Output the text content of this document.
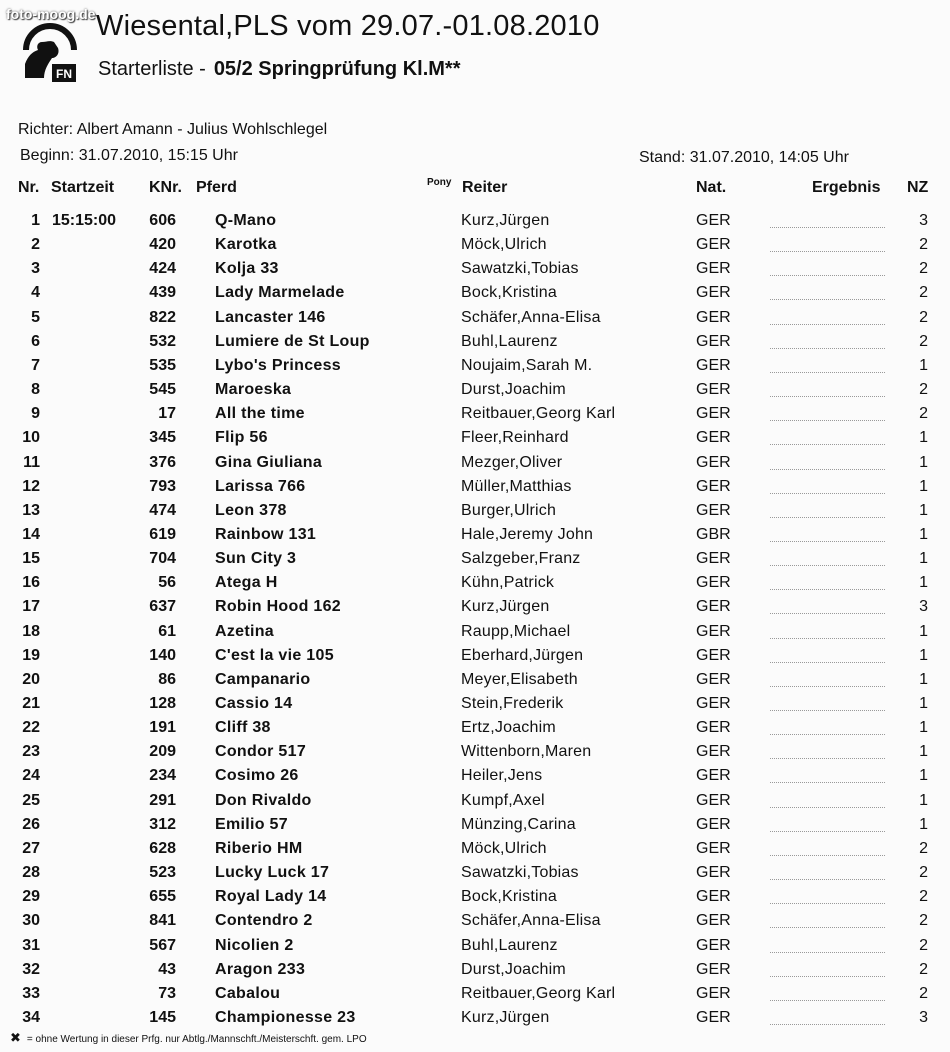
foto-moog.de
FN
Wiesental,PLS vom 29.07.-01.08.2010
Starterliste - 05/2 Springprüfung Kl.M**
Richter: Albert Amann - Julius Wohlschlegel
Beginn: 31.07.2010, 15:15 Uhr	Stand: 31.07.2010, 14:05 Uhr
Nr. Startzeit KNr. Pferd	Pony Reiter	Nat.	Ergebnis NZ
1 15:15:00	606 Q-Mano	Kurz,Jürgen	GER	3
2	420 Karotka	Möck,Ulrich	GER	2
3	424 Kolja 33	Sawatzki,Tobias	GER	2
4	439 Lady Marmelade	Bock,Kristina	GER	2
5	822 Lancaster 146	Schäfer,Anna-Elisa	GER	2
6	532 Lumiere de St Loup	Buhl,Laurenz	GER	2
7	535 Lybo's Princess	Noujaim,Sarah M.	GER	1
8	545 Maroeska	Durst,Joachim	GER	2
9	17 All the time	Reitbauer,Georg Karl	GER	2
10	345 Flip 56	Fleer,Reinhard	GER	1
11	376 Gina Giuliana	Mezger,Oliver	GER	1
12	793 Larissa 766	Müller,Matthias	GER	1
13	474 Leon 378	Burger,Ulrich	GER	1
14	619 Rainbow 131	Hale,Jeremy John	GBR	1
15	704 Sun City 3	Salzgeber,Franz	GER	1
16	56 Atega H	Kühn,Patrick	GER	1
17	637 Robin Hood 162	Kurz,Jürgen	GER	3
18	61 Azetina	Raupp,Michael	GER	1
19	140 C'est la vie 105	Eberhard,Jürgen	GER	1
20	86 Campanario	Meyer,Elisabeth	GER	1
21	128 Cassio 14	Stein,Frederik	GER	1
22	191 Cliff 38	Ertz,Joachim	GER	1
23	209 Condor 517	Wittenborn,Maren	GER	1
24	234 Cosimo 26	Heiler,Jens	GER	1
25	291 Don Rivaldo	Kumpf,Axel	GER	1
26	312 Emilio 57	Münzing,Carina	GER	1
27	628 Riberio HM	Möck,Ulrich	GER	2
28	523 Lucky Luck 17	Sawatzki,Tobias	GER	2
29	655 Royal Lady 14	Bock,Kristina	GER	2
30	841 Contendro 2	Schäfer,Anna-Elisa	GER	2
31	567 Nicolien 2	Buhl,Laurenz	GER	2
32	43 Aragon 233	Durst,Joachim	GER	2
33	73 Cabalou	Reitbauer,Georg Karl	GER	2
34	145 Championesse 23	Kurz,Jürgen	GER	3
✖ = ohne Wertung in dieser Prfg. nur Abtlg./Mannschft./Meisterschft. gem. LPO
